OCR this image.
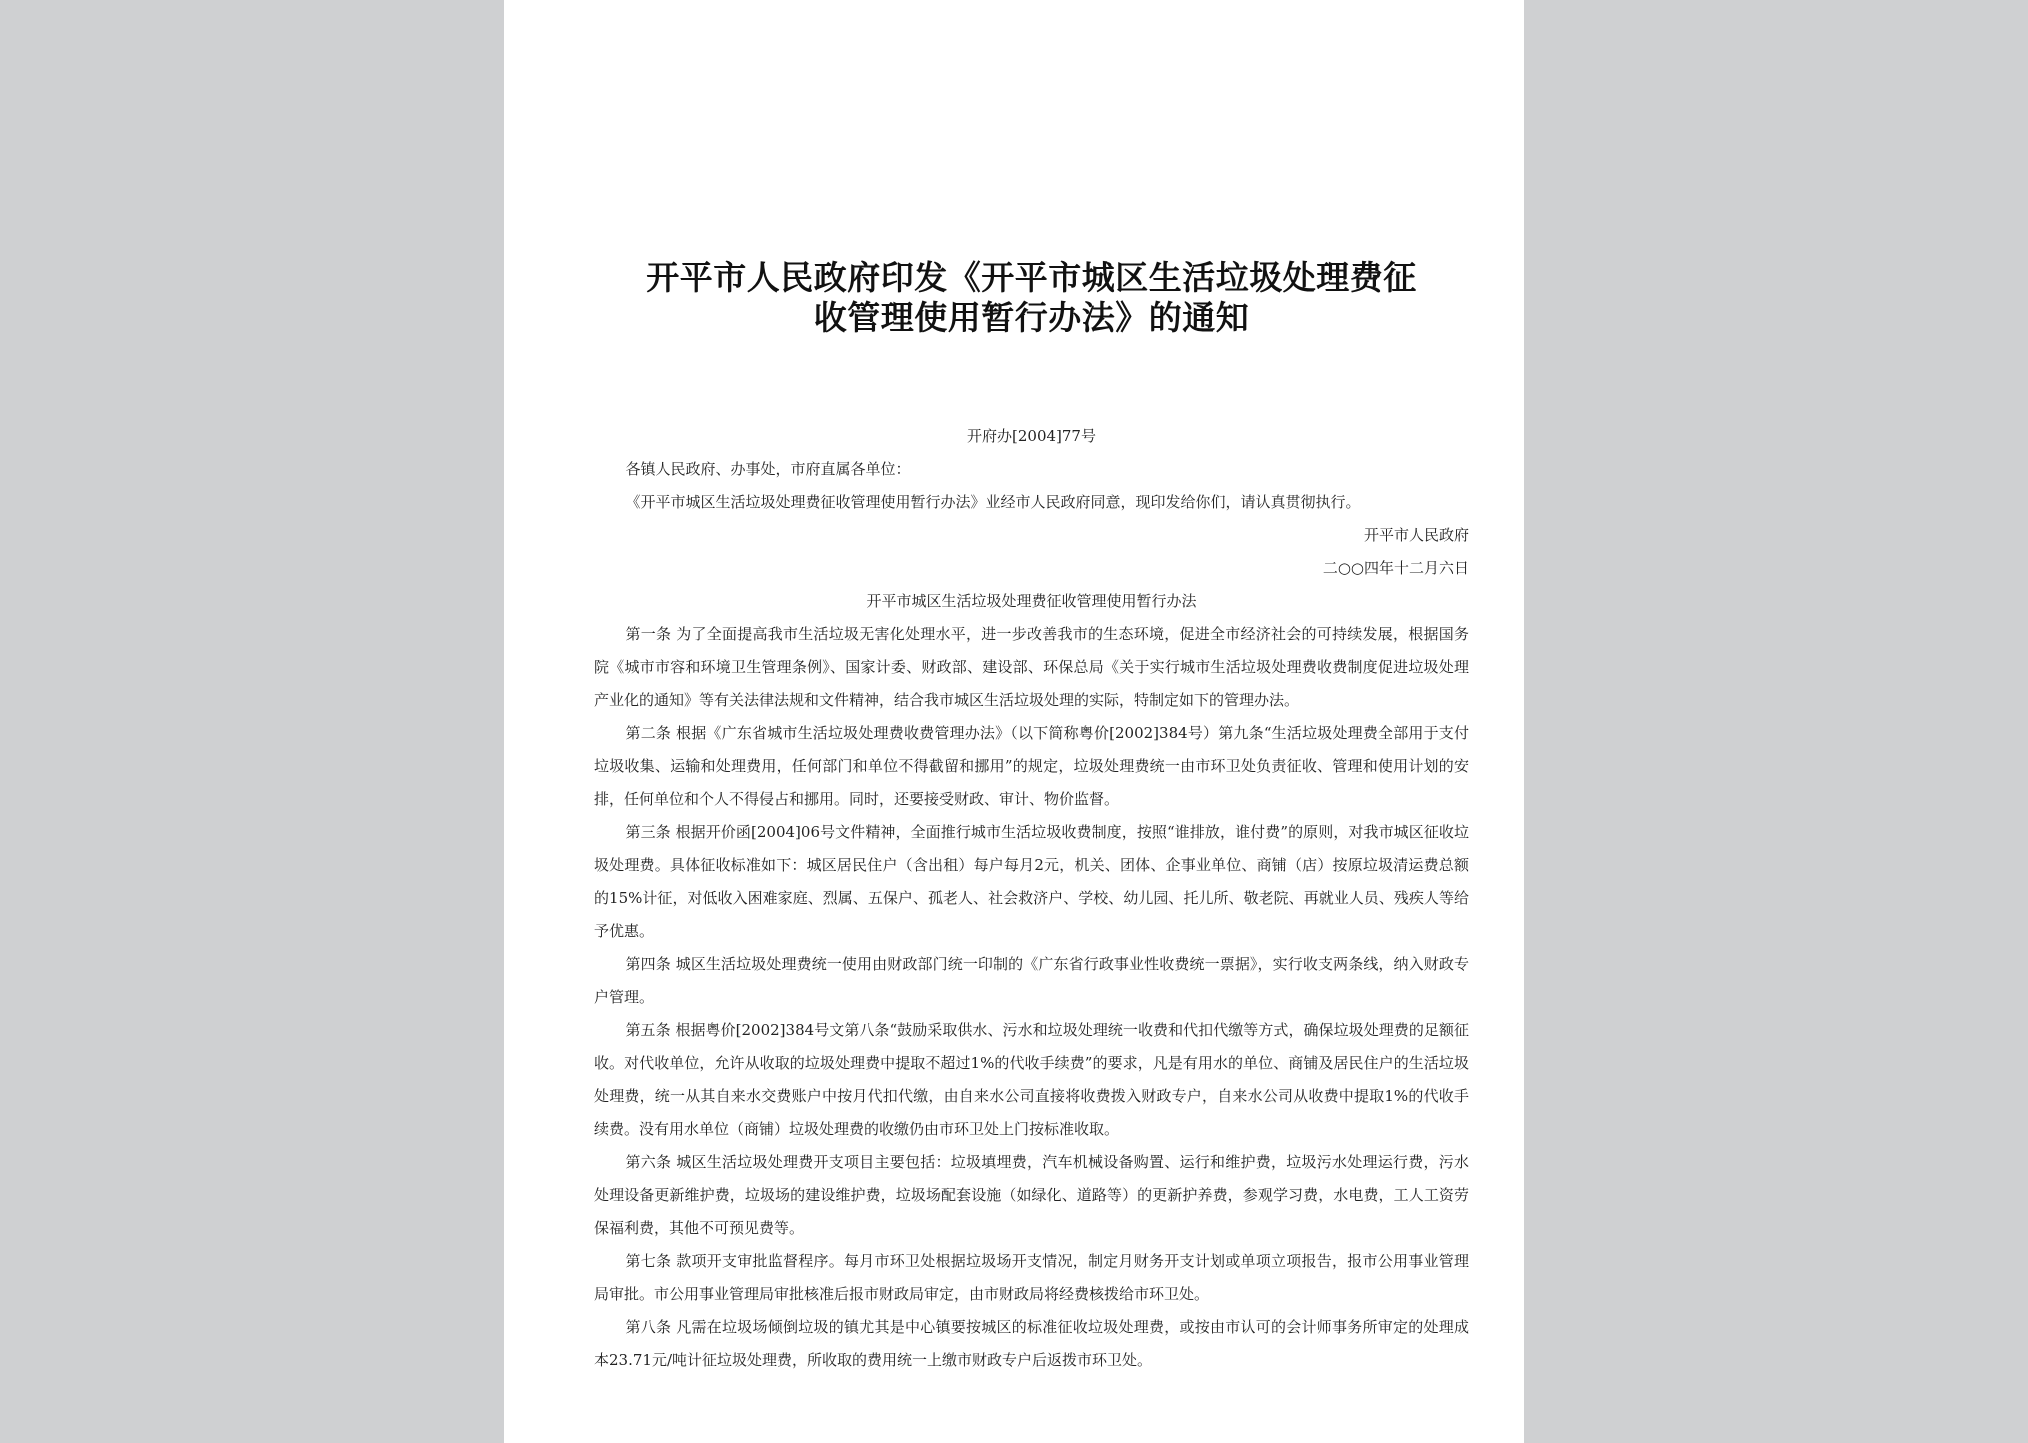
开平市人民政府印发《开平市城区生活垃圾处理费征
收管理使用暂行办法》的通知

开府办[2004]77号

各镇人民政府、办事处，市府直属各单位：

《开平市城区生活垃圾处理费征收管理使用暂行办法》业经市人民政府同意，现印发给你们，请认真贯彻执行。

开平市人民政府

二○○四年十二月六日

开平市城区生活垃圾处理费征收管理使用暂行办法

第一条 为了全面提高我市生活垃圾无害化处理水平，进一步改善我市的生态环境，促进全市经济社会的可持续发展，根据国务院《城市市容和环境卫生管理条例》、国家计委、财政部、建设部、环保总局《关于实行城市生活垃圾处理费收费制度促进垃圾处理产业化的通知》等有关法律法规和文件精神，结合我市城区生活垃圾处理的实际，特制定如下的管理办法。

第二条 根据《广东省城市生活垃圾处理费收费管理办法》（以下简称粤价[2002]384号）第九条“生活垃圾处理费全部用于支付垃圾收集、运输和处理费用，任何部门和单位不得截留和挪用”的规定，垃圾处理费统一由市环卫处负责征收、管理和使用计划的安排，任何单位和个人不得侵占和挪用。同时，还要接受财政、审计、物价监督。

第三条 根据开价函[2004]06号文件精神，全面推行城市生活垃圾收费制度，按照“谁排放，谁付费”的原则，对我市城区征收垃圾处理费。具体征收标准如下：城区居民住户（含出租）每户每月2元，机关、团体、企事业单位、商铺（店）按原垃圾清运费总额的15%计征，对低收入困难家庭、烈属、五保户、孤老人、社会救济户、学校、幼儿园、托儿所、敬老院、再就业人员、残疾人等给予优惠。

第四条 城区生活垃圾处理费统一使用由财政部门统一印制的《广东省行政事业性收费统一票据》，实行收支两条线，纳入财政专户管理。

第五条 根据粤价[2002]384号文第八条“鼓励采取供水、污水和垃圾处理统一收费和代扣代缴等方式，确保垃圾处理费的足额征收。对代收单位，允许从收取的垃圾处理费中提取不超过1%的代收手续费”的要求，凡是有用水的单位、商铺及居民住户的生活垃圾处理费，统一从其自来水交费账户中按月代扣代缴，由自来水公司直接将收费拨入财政专户，自来水公司从收费中提取1%的代收手续费。没有用水单位（商铺）垃圾处理费的收缴仍由市环卫处上门按标准收取。

第六条 城区生活垃圾处理费开支项目主要包括：垃圾填埋费，汽车机械设备购置、运行和维护费，垃圾污水处理运行费，污水处理设备更新维护费，垃圾场的建设维护费，垃圾场配套设施（如绿化、道路等）的更新护养费，参观学习费，水电费，工人工资劳保福利费，其他不可预见费等。

第七条 款项开支审批监督程序。每月市环卫处根据垃圾场开支情况，制定月财务开支计划或单项立项报告，报市公用事业管理局审批。市公用事业管理局审批核准后报市财政局审定，由市财政局将经费核拨给市环卫处。

第八条 凡需在垃圾场倾倒垃圾的镇尤其是中心镇要按城区的标准征收垃圾处理费，或按由市认可的会计师事务所审定的处理成本23.71元/吨计征垃圾处理费，所收取的费用统一上缴市财政专户后返拨市环卫处。
